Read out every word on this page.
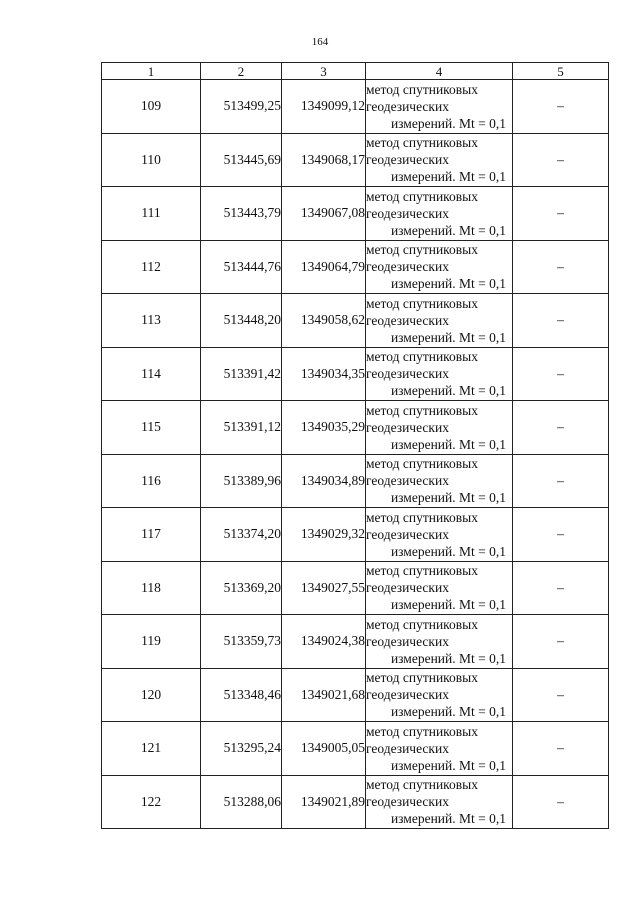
164
1	2	3	4	5
109	513499,25	1349099,12	метод спутниковых
геодезических
измерений. Mt = 0,1	–
110	513445,69	1349068,17	метод спутниковых
геодезических
измерений. Mt = 0,1	–
111	513443,79	1349067,08	метод спутниковых
геодезических
измерений. Mt = 0,1	–
112	513444,76	1349064,79	метод спутниковых
геодезических
измерений. Mt = 0,1	–
113	513448,20	1349058,62	метод спутниковых
геодезических
измерений. Mt = 0,1	–
114	513391,42	1349034,35	метод спутниковых
геодезических
измерений. Mt = 0,1	–
115	513391,12	1349035,29	метод спутниковых
геодезических
измерений. Mt = 0,1	–
116	513389,96	1349034,89	метод спутниковых
геодезических
измерений. Mt = 0,1	–
117	513374,20	1349029,32	метод спутниковых
геодезических
измерений. Mt = 0,1	–
118	513369,20	1349027,55	метод спутниковых
геодезических
измерений. Mt = 0,1	–
119	513359,73	1349024,38	метод спутниковых
геодезических
измерений. Mt = 0,1	–
120	513348,46	1349021,68	метод спутниковых
геодезических
измерений. Mt = 0,1	–
121	513295,24	1349005,05	метод спутниковых
геодезических
измерений. Mt = 0,1	–
122	513288,06	1349021,89	метод спутниковых
геодезических
измерений. Mt = 0,1	–
